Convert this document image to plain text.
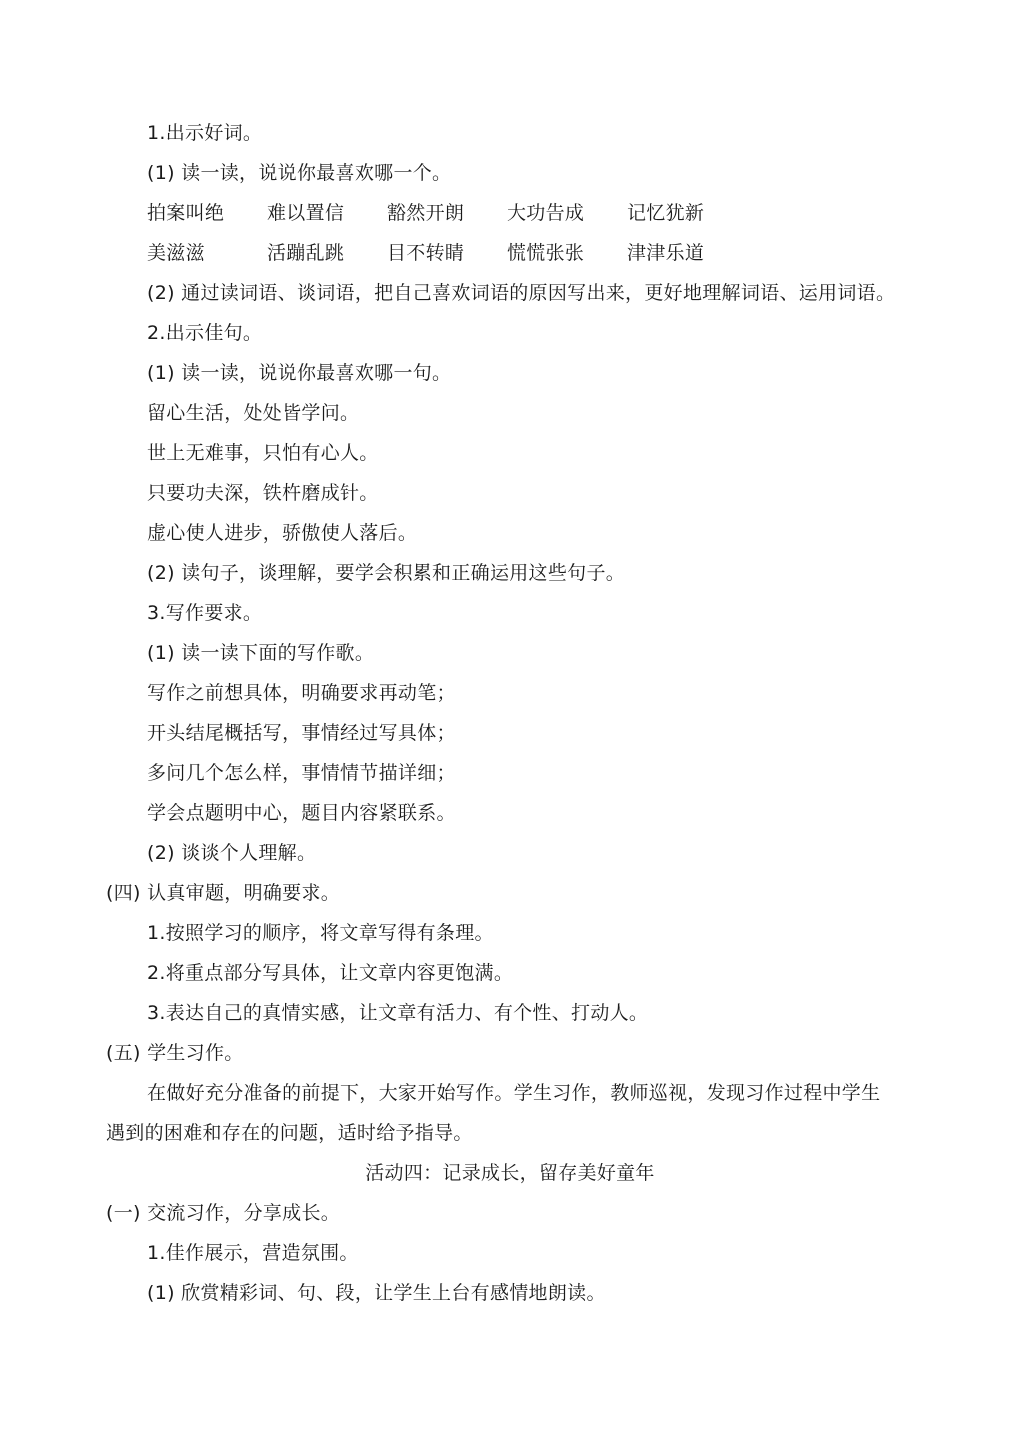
1.出示好词。
(1) 读一读，说说你最喜欢哪一个。
拍案叫绝 难以置信 豁然开朗 大功告成 记忆犹新
美滋滋	活蹦乱跳 目不转睛 慌慌张张 津津乐道
(2) 通过读词语、谈词语，把自己喜欢词语的原因写出来，更好地理解词语、运用词语。
2.出示佳句。
(1) 读一读，说说你最喜欢哪一句。
留心生活，处处皆学问。
世上无难事，只怕有心人。
只要功夫深，铁杵磨成针。
虚心使人进步，骄傲使人落后。
(2) 读句子，谈理解，要学会积累和正确运用这些句子。
3.写作要求。
(1) 读一读下面的写作歌。
写作之前想具体，明确要求再动笔；
开头结尾概括写，事情经过写具体；
多问几个怎么样，事情情节描详细；
学会点题明中心，题目内容紧联系。
(2) 谈谈个人理解。
(四) 认真审题，明确要求。
1.按照学习的顺序，将文章写得有条理。
2.将重点部分写具体，让文章内容更饱满。
3.表达自己的真情实感，让文章有活力、有个性、打动人。
(五) 学生习作。
在做好充分准备的前提下，大家开始写作。学生习作，教师巡视，发现习作过程中学生
遇到的困难和存在的问题，适时给予指导。
活动四：记录成长，留存美好童年
(一) 交流习作，分享成长。
1.佳作展示，营造氛围。
(1) 欣赏精彩词、句、段，让学生上台有感情地朗读。
